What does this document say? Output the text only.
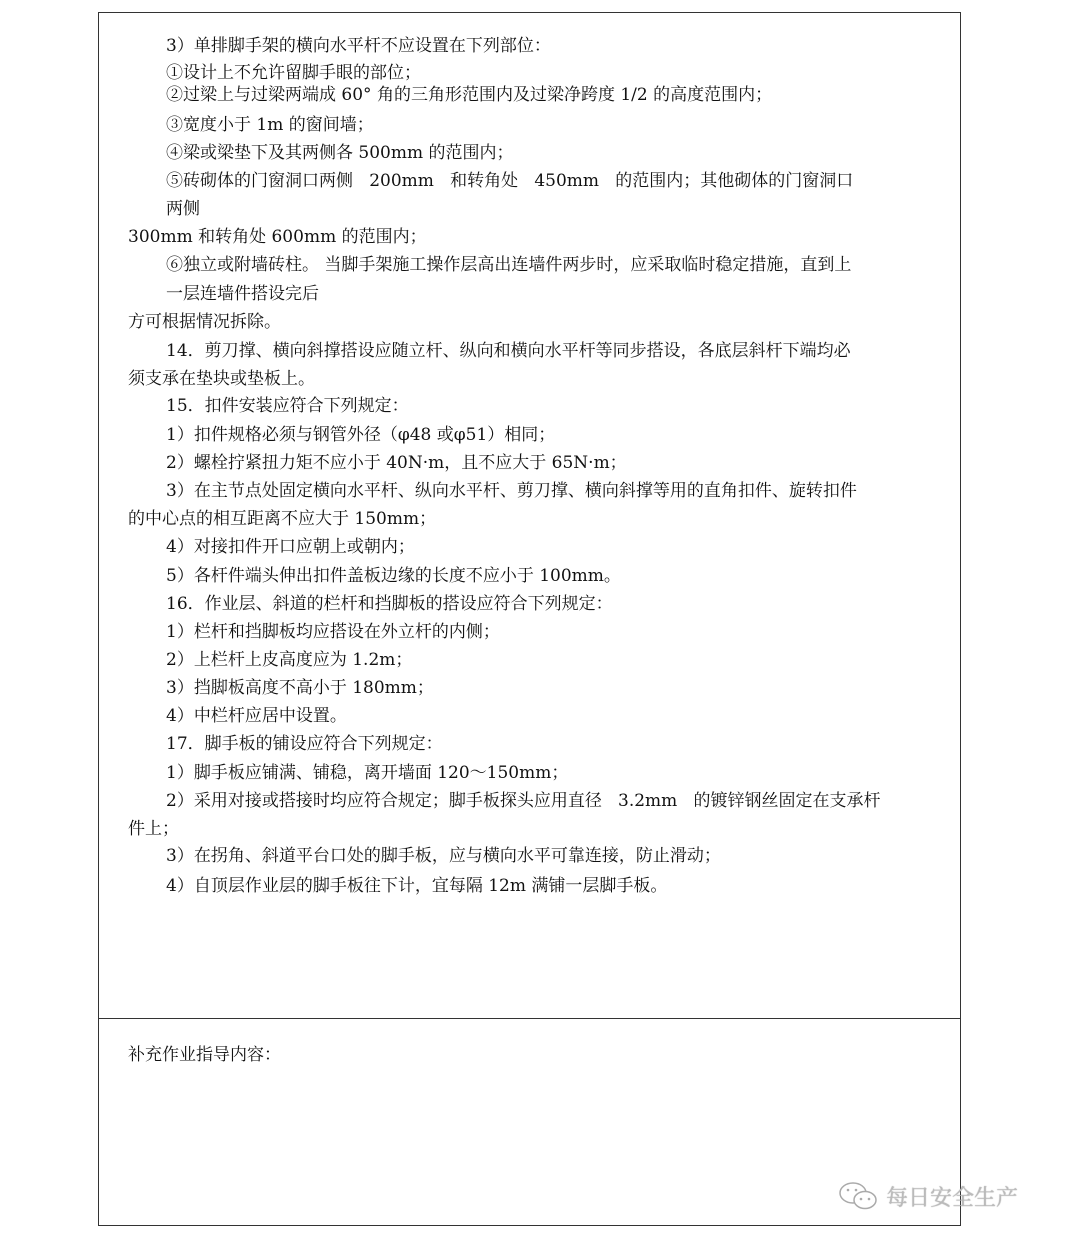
3）单排脚手架的横向水平杆不应设置在下列部位：
①设计上不允许留脚手眼的部位；
②过梁上与过梁两端成 60° 角的三角形范围内及过梁净跨度 1/2 的高度范围内；
③宽度小于 1m 的窗间墙；
④梁或梁垫下及其两侧各 500mm 的范围内；
⑤砖砌体的门窗洞口两侧   200mm   和转角处   450mm   的范围内；其他砌体的门窗洞口
两侧
300mm 和转角处 600mm 的范围内；
⑥独立或附墙砖柱。 当脚手架施工操作层高出连墙件两步时，应采取临时稳定措施，直到上
一层连墙件搭设完后
方可根据情况拆除。
14．剪刀撑、横向斜撑搭设应随立杆、纵向和横向水平杆等同步搭设，各底层斜杆下端均必
须支承在垫块或垫板上。
15．扣件安装应符合下列规定：
1）扣件规格必须与钢管外径（φ48 或φ51）相同；
2）螺栓拧紧扭力矩不应小于 40N·m，且不应大于 65N·m；
3）在主节点处固定横向水平杆、纵向水平杆、剪刀撑、横向斜撑等用的直角扣件、旋转扣件
的中心点的相互距离不应大于 150mm；
4）对接扣件开口应朝上或朝内；
5）各杆件端头伸出扣件盖板边缘的长度不应小于 100mm。
16．作业层、斜道的栏杆和挡脚板的搭设应符合下列规定：
1）栏杆和挡脚板均应搭设在外立杆的内侧；
2）上栏杆上皮高度应为 1.2m；
3）挡脚板高度不高小于 180mm；
4）中栏杆应居中设置。
17．脚手板的铺设应符合下列规定：
1）脚手板应铺满、铺稳，离开墙面 120～150mm；
2）采用对接或搭接时均应符合规定；脚手板探头应用直径   3.2mm   的镀锌钢丝固定在支承杆
件上；
3）在拐角、斜道平台口处的脚手板，应与横向水平可靠连接，防止滑动；
4）自顶层作业层的脚手板往下计，宜每隔 12m 满铺一层脚手板。
补充作业指导内容：
每日安全生产
